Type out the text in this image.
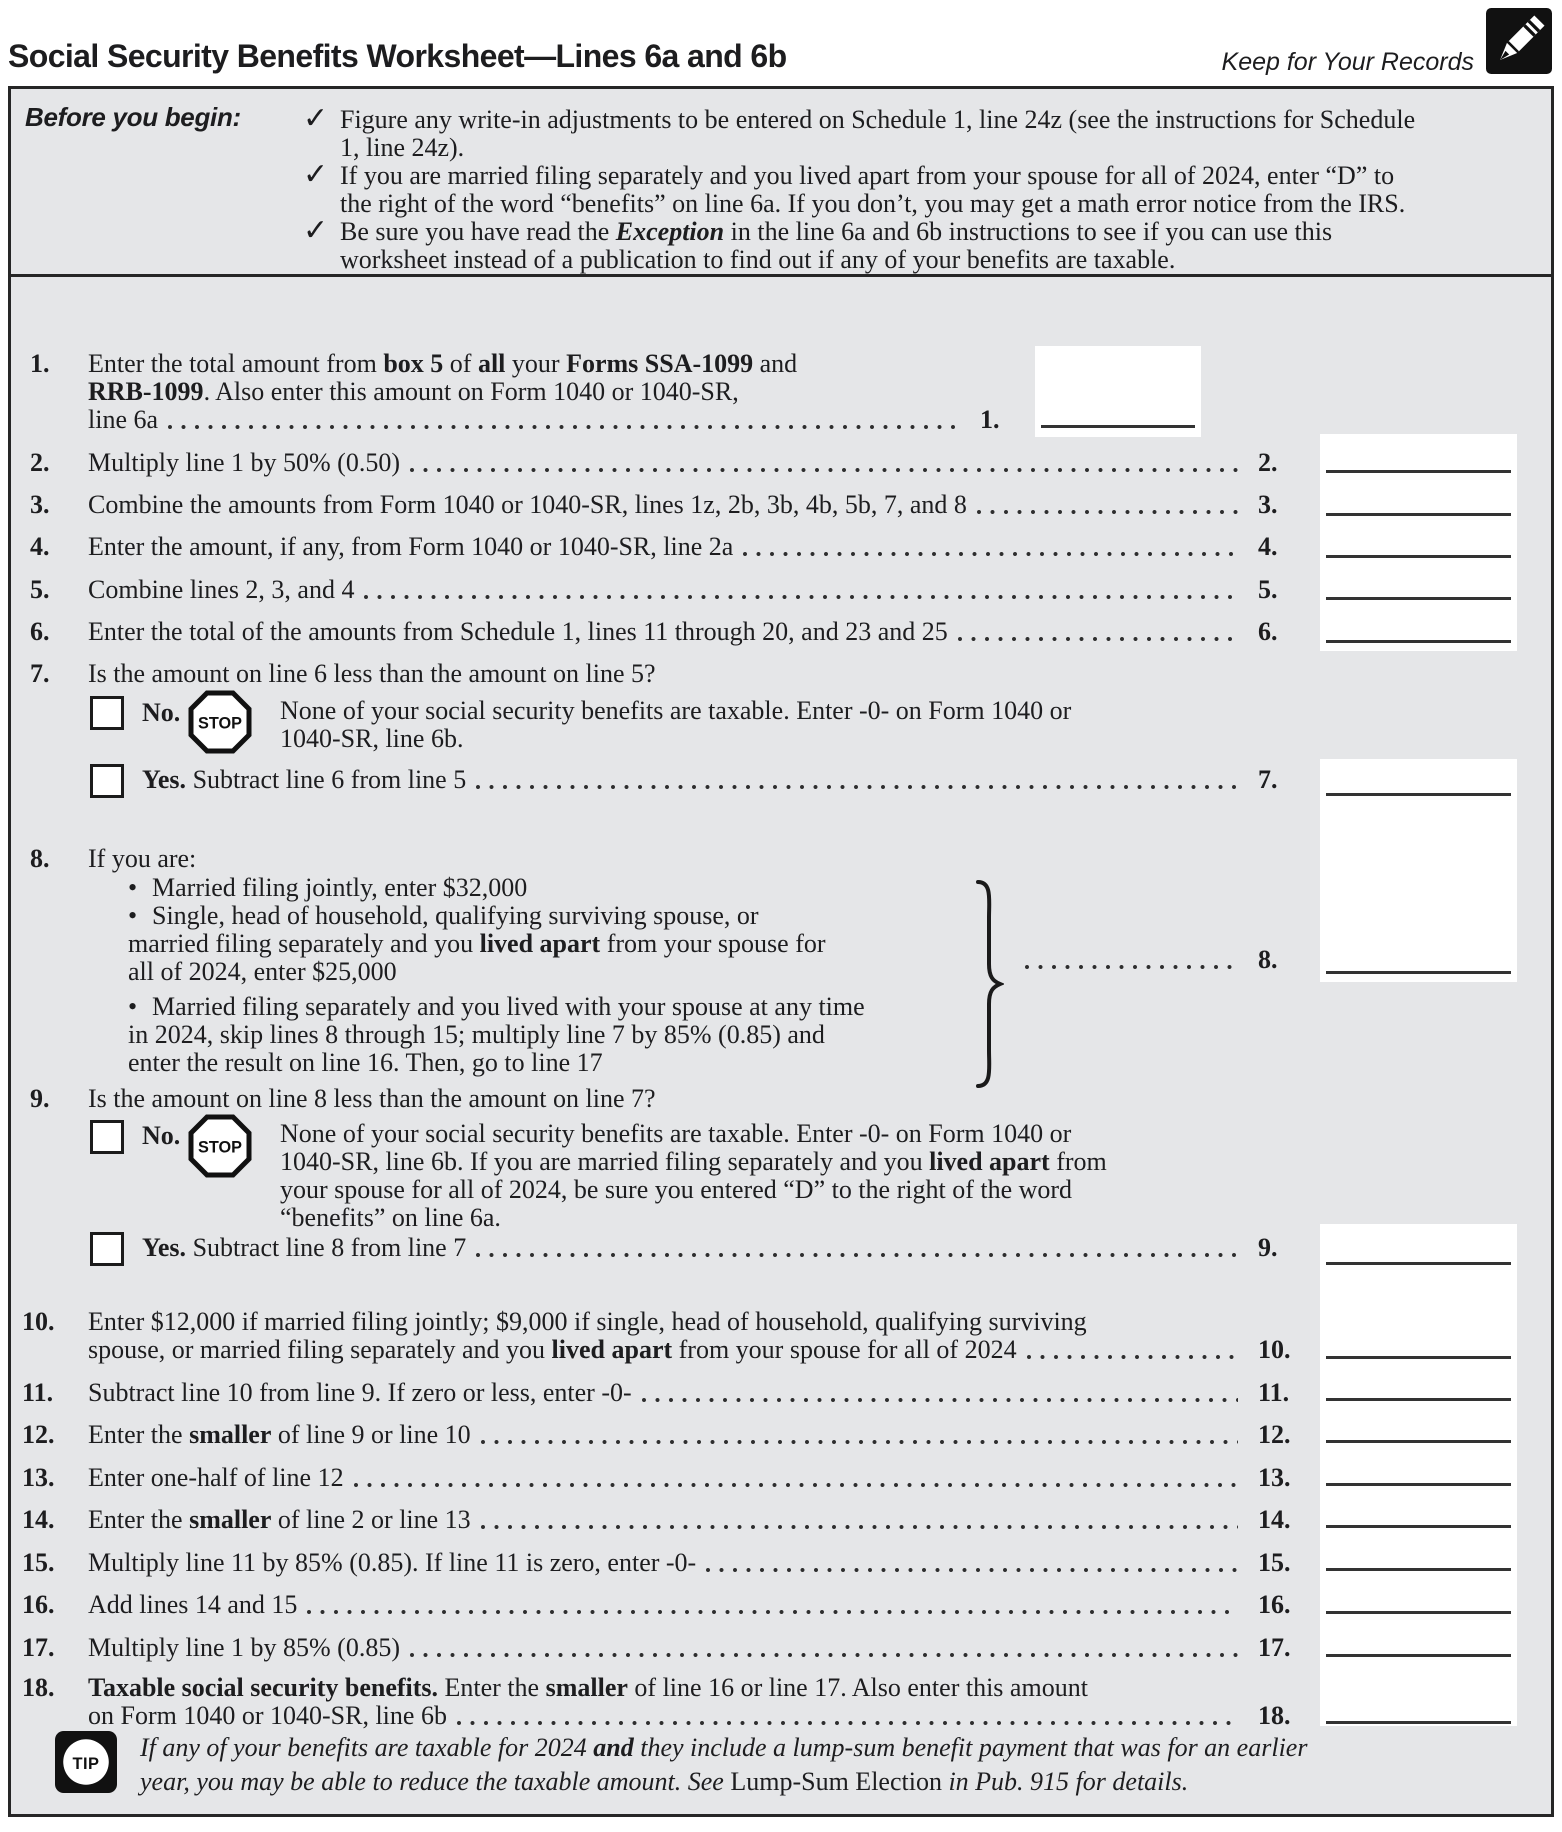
Social Security Benefits Worksheet—Lines 6a and 6b	Keep for Your Records
Before you begin: ✓
✓
✓
Figure any write-in adjustments to be entered on Schedule 1, line 24z (see the instructions for Schedule
1, line 24z).
If you are married filing separately and you lived apart from your spouse for all of 2024, enter “D” to
the right of the word “benefits” on line 6a. If you don’t, you may get a math error notice from the IRS.
Be sure you have read the Exception in the line 6a and 6b instructions to see if you can use this
worksheet instead of a publication to find out if any of your benefits are taxable.
1. Enter the total amount from box 5 of all your Forms SSA-1099 and
RRB-1099. Also enter this amount on Form 1040 or 1040-SR,
line 6a	1.
2.	Multiply line 1 by 50% (0.50)	2.
3.	Combine the amounts from Form 1040 or 1040-SR, lines 1z, 2b, 3b, 4b, 5b, 7, and 8	3.
4.	Enter the amount, if any, from Form 1040 or 1040-SR, line 2a	4.
5.	Combine lines 2, 3, and 4	5.
6.	Enter the total of the amounts from Schedule 1, lines 11 through 20, and 23 and 25	6.
7. Is the amount on line 6 less than the amount on line 5?
No. STOP None of your social security benefits are taxable. Enter -0- on Form 1040 or
1040-SR, line 6b.
Yes. Subtract line 6 from line 5	7.
8. If you are:
• Married filing jointly, enter $32,000
• Single, head of household, qualifying surviving spouse, or
married filing separately and you lived apart from your spouse for
all of 2024, enter $25,000
• Married filing separately and you lived with your spouse at any time
in 2024, skip lines 8 through 15; multiply line 7 by 85% (0.85) and
enter the result on line 16. Then, go to line 17
8.
9. Is the amount on line 8 less than the amount on line 7?
No. STOP None of your social security benefits are taxable. Enter -0- on Form 1040 or
1040-SR, line 6b. If you are married filing separately and you lived apart from
your spouse for all of 2024, be sure you entered “D” to the right of the word
“benefits” on line 6a.
Yes. Subtract line 8 from line 7	9.
10. Enter $12,000 if married filing jointly; $9,000 if single, head of household, qualifying surviving
spouse, or married filing separately and you lived apart from your spouse for all of 2024	10.
11.	Subtract line 10 from line 9. If zero or less, enter -0-	11.
12.	Enter the smaller of line 9 or line 10	12.
13.	Enter one-half of line 12	13.
14.	Enter the smaller of line 2 or line 13	14.
15.	Multiply line 11 by 85% (0.85). If line 11 is zero, enter -0-	15.
16.	Add lines 14 and 15	16.
17.	Multiply line 1 by 85% (0.85)	17.
18. Taxable social security benefits. Enter the smaller of line 16 or line 17. Also enter this amount
on Form 1040 or 1040-SR, line 6b	18.
TIP
If any of your benefits are taxable for 2024 and they include a lump-sum benefit payment that was for an earlier
year, you may be able to reduce the taxable amount. See Lump-Sum Election in Pub. 915 for details.
